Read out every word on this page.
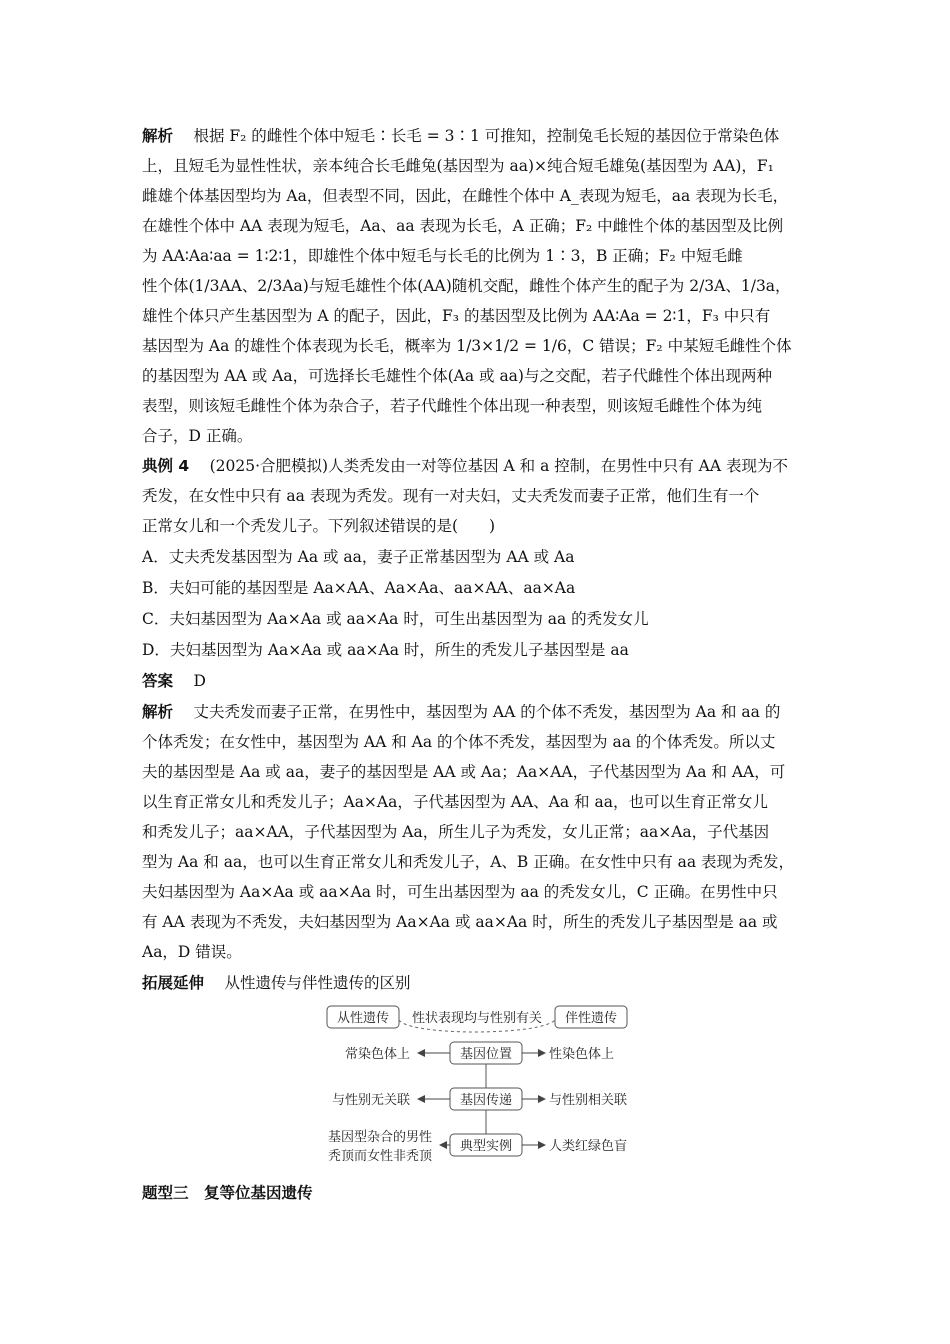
解析　 根据 F₂ 的雌性个体中短毛∶长毛 = 3∶1 可推知，控制兔毛长短的基因位于常染色体
上，且短毛为显性性状，亲本纯合长毛雌兔(基因型为 aa)×纯合短毛雄兔(基因型为 AA)，F₁
雌雄个体基因型均为 Aa，但表型不同，因此，在雌性个体中 A_表现为短毛，aa 表现为长毛，
在雄性个体中 AA 表现为短毛，Aa、aa 表现为长毛，A 正确；F₂ 中雌性个体的基因型及比例
为 AA∶Aa∶aa = 1∶2∶1，即雄性个体中短毛与长毛的比例为 1∶3，B 正确；F₂ 中短毛雌
性个体(1/3AA、2/3Aa)与短毛雄性个体(AA)随机交配，雌性个体产生的配子为 2/3A、1/3a，
雄性个体只产生基因型为 A 的配子，因此，F₃ 的基因型及比例为 AA∶Aa = 2∶1，F₃ 中只有
基因型为 Aa 的雄性个体表现为长毛，概率为 1/3×1/2 = 1/6，C 错误；F₂ 中某短毛雌性个体
的基因型为 AA 或 Aa，可选择长毛雄性个体(Aa 或 aa)与之交配，若子代雌性个体出现两种
表型，则该短毛雌性个体为杂合子，若子代雌性个体出现一种表型，则该短毛雌性个体为纯
合子，D 正确。
典例 4　 (2025·合肥模拟)人类秃发由一对等位基因 A 和 a 控制，在男性中只有 AA 表现为不
秃发，在女性中只有 aa 表现为秃发。现有一对夫妇，丈夫秃发而妻子正常，他们生有一个
正常女儿和一个秃发儿子。下列叙述错误的是(　　)
A．丈夫秃发基因型为 Aa 或 aa，妻子正常基因型为 AA 或 Aa
B．夫妇可能的基因型是 Aa×AA、Aa×Aa、aa×AA、aa×Aa
C．夫妇基因型为 Aa×Aa 或 aa×Aa 时，可生出基因型为 aa 的秃发女儿
D．夫妇基因型为 Aa×Aa 或 aa×Aa 时，所生的秃发儿子基因型是 aa
答案　 D
解析　 丈夫秃发而妻子正常，在男性中，基因型为 AA 的个体不秃发，基因型为 Aa 和 aa 的
个体秃发；在女性中，基因型为 AA 和 Aa 的个体不秃发，基因型为 aa 的个体秃发。所以丈
夫的基因型是 Aa 或 aa，妻子的基因型是 AA 或 Aa；Aa×AA，子代基因型为 Aa 和 AA，可
以生育正常女儿和秃发儿子；Aa×Aa，子代基因型为 AA、Aa 和 aa，也可以生育正常女儿
和秃发儿子；aa×AA，子代基因型为 Aa，所生儿子为秃发，女儿正常；aa×Aa，子代基因
型为 Aa 和 aa，也可以生育正常女儿和秃发儿子，A、B 正确。在女性中只有 aa 表现为秃发，
夫妇基因型为 Aa×Aa 或 aa×Aa 时，可生出基因型为 aa 的秃发女儿，C 正确。在男性中只
有 AA 表现为不秃发，夫妇基因型为 Aa×Aa 或 aa×Aa 时，所生的秃发儿子基因型是 aa 或
Aa，D 错误。
拓展延伸　 从性遗传与伴性遗传的区别
从性遗传	伴性遗传
性状表现均与性别有关
基因位置
常染色体上	性染色体上
基因传递
与性别无关联	与性别相关联
典型实例
基因型杂合的男性
秃顶而女性非秃顶
人类红绿色盲
题型三　复等位基因遗传
